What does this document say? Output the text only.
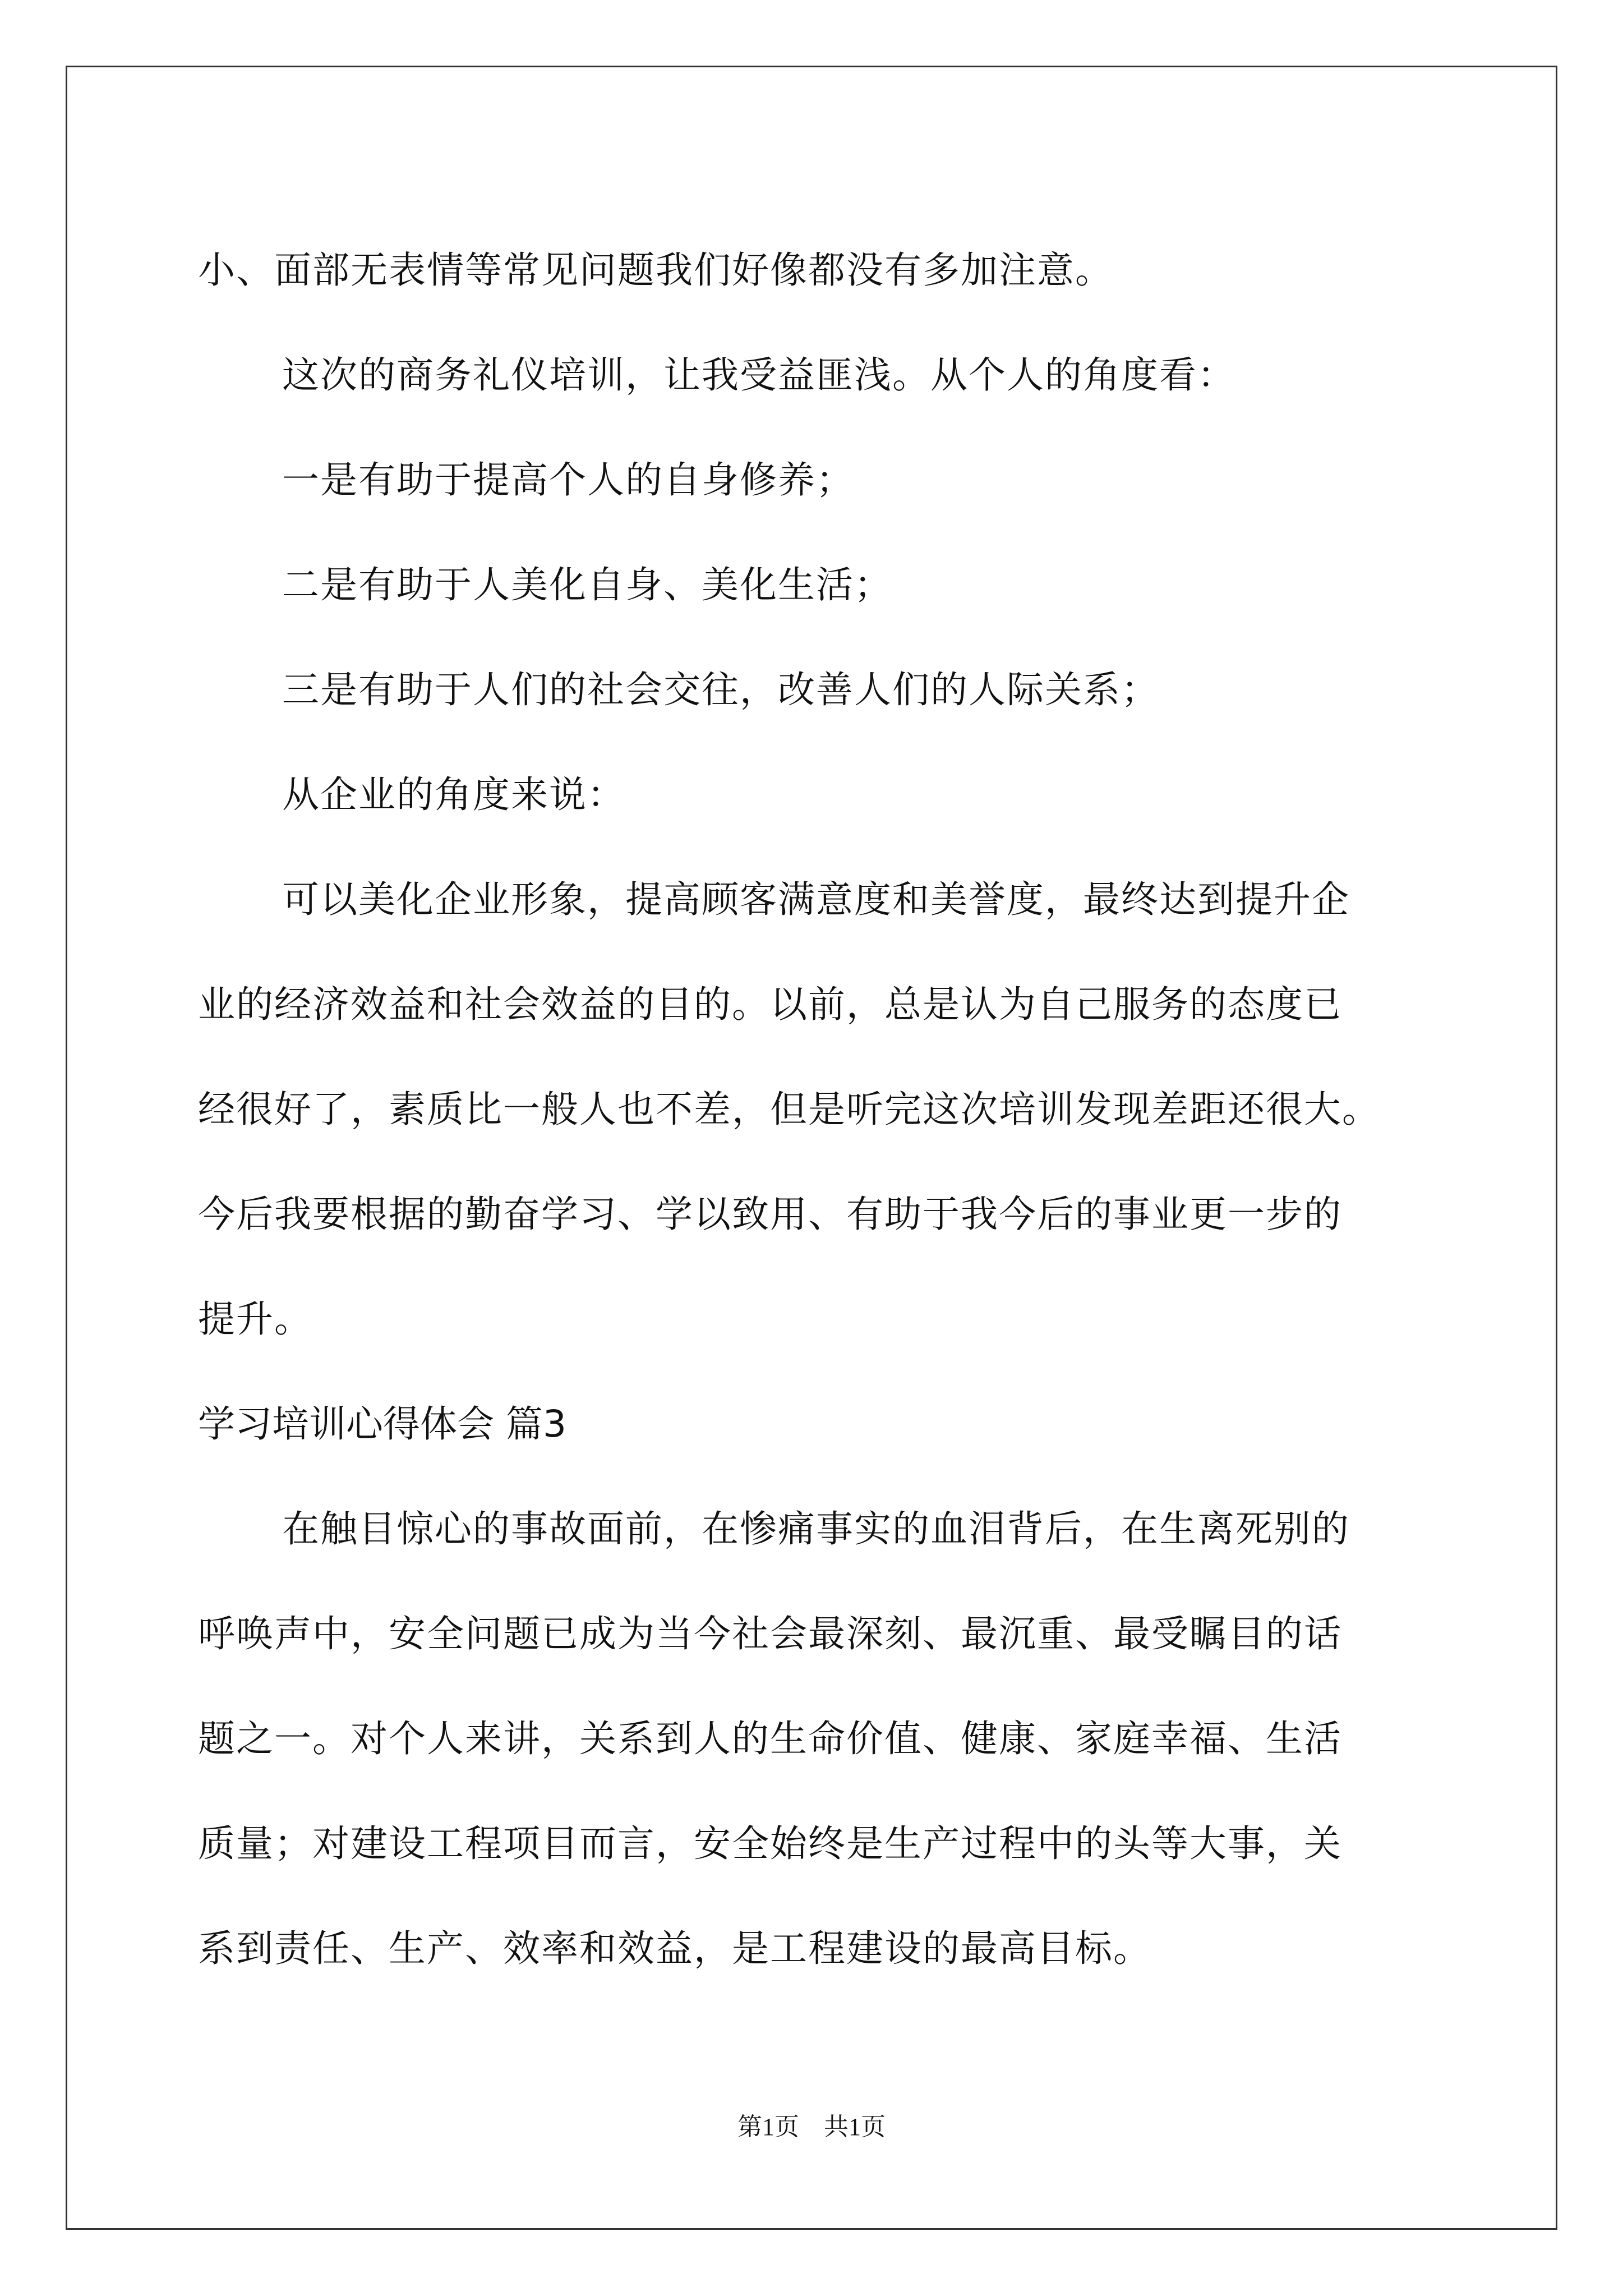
小、面部无表情等常见问题我们好像都没有多加注意。
这次的商务礼仪培训，让我受益匪浅。从个人的角度看：
一是有助于提高个人的自身修养；
二是有助于人美化自身、美化生活；
三是有助于人们的社会交往，改善人们的人际关系；
从企业的角度来说：
可以美化企业形象，提高顾客满意度和美誉度，最终达到提升企
业的经济效益和社会效益的目的。以前，总是认为自己服务的态度已
经很好了，素质比一般人也不差，但是听完这次培训发现差距还很大。
今后我要根据的勤奋学习、学以致用、有助于我今后的事业更一步的
提升。
学习培训心得体会 篇3
在触目惊心的事故面前，在惨痛事实的血泪背后，在生离死别的
呼唤声中，安全问题已成为当今社会最深刻、最沉重、最受瞩目的话
题之一。对个人来讲，关系到人的生命价值、健康、家庭幸福、生活
质量；对建设工程项目而言，安全始终是生产过程中的头等大事，关
系到责任、生产、效率和效益，是工程建设的最高目标。
第1页　共1页
